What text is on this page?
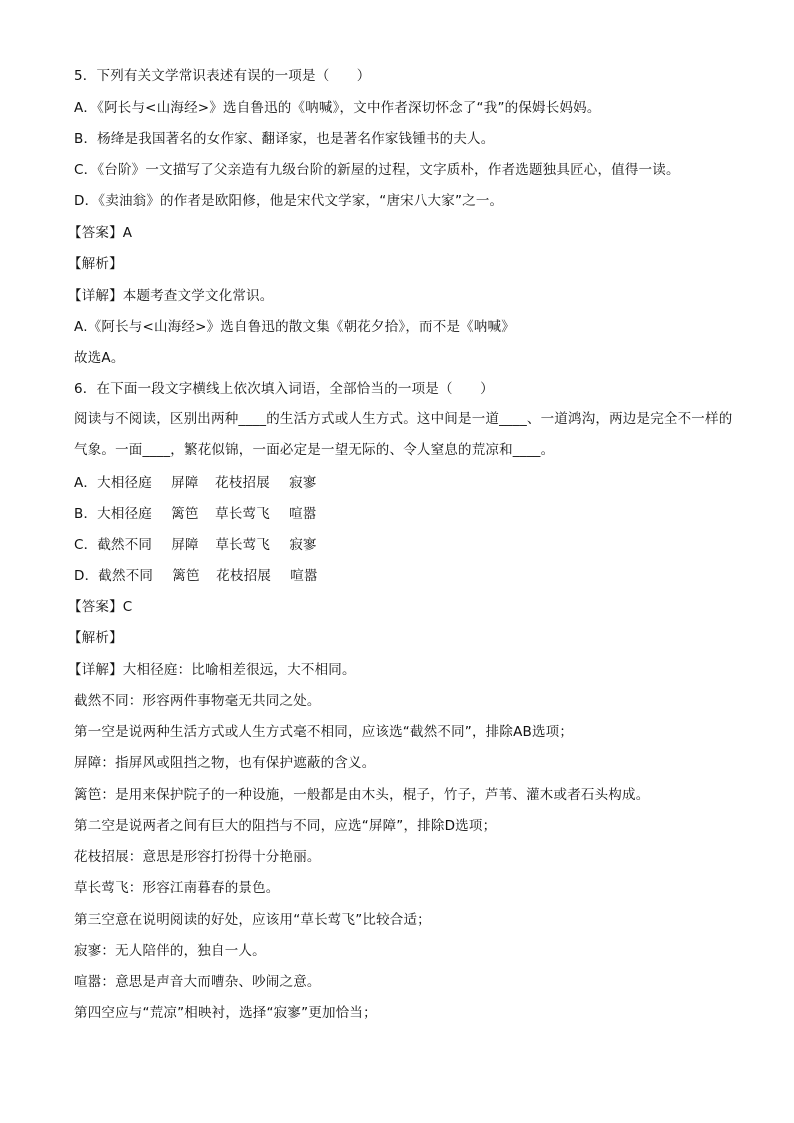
5．下列有关文学常识表述有误的一项是（　　）
A．《阿长与<山海经>》选自鲁迅的《呐喊》，文中作者深切怀念了“我”的保姆长妈妈。
B．杨绛是我国著名的女作家、翻译家，也是著名作家钱锺书的夫人。
C．《台阶》一文描写了父亲造有九级台阶的新屋的过程，文字质朴，作者选题独具匠心，值得一读。
D．《卖油翁》的作者是欧阳修，他是宋代文学家，“唐宋八大家”之一。
【答案】A
【解析】
【详解】本题考查文学文化常识。
A.《阿长与<山海经>》选自鲁迅的散文集《朝花夕拾》，而不是《呐喊》
故选A。
6．在下面一段文字横线上依次填入词语，全部恰当的一项是（　　）
阅读与不阅读，区别出两种____的生活方式或人生方式。这中间是一道____、一道鸿沟，两边是完全不一样的气象。一面____，繁花似锦，一面必定是一望无际的、令人窒息的荒凉和____。
A．大相径庭 屏障 花枝招展 寂寥
B．大相径庭 篱笆 草长莺飞 喧嚣
C．截然不同 屏障 草长莺飞 寂寥
D．截然不同 篱笆 花枝招展 喧嚣
【答案】C
【解析】
【详解】大相径庭：比喻相差很远，大不相同。
截然不同：形容两件事物毫无共同之处。
第一空是说两种生活方式或人生方式毫不相同，应该选“截然不同”，排除AB选项；
屏障：指屏风或阻挡之物，也有保护遮蔽的含义。
篱笆：是用来保护院子的一种设施，一般都是由木头，棍子，竹子，芦苇、灌木或者石头构成。
第二空是说两者之间有巨大的阻挡与不同，应选“屏障”，排除D选项；
花枝招展：意思是形容打扮得十分艳丽。
草长莺飞：形容江南暮春的景色。
第三空意在说明阅读的好处，应该用“草长莺飞”比较合适；
寂寥：无人陪伴的，独自一人。
喧嚣：意思是声音大而嘈杂、吵闹之意。
第四空应与“荒凉”相映衬，选择“寂寥”更加恰当；
